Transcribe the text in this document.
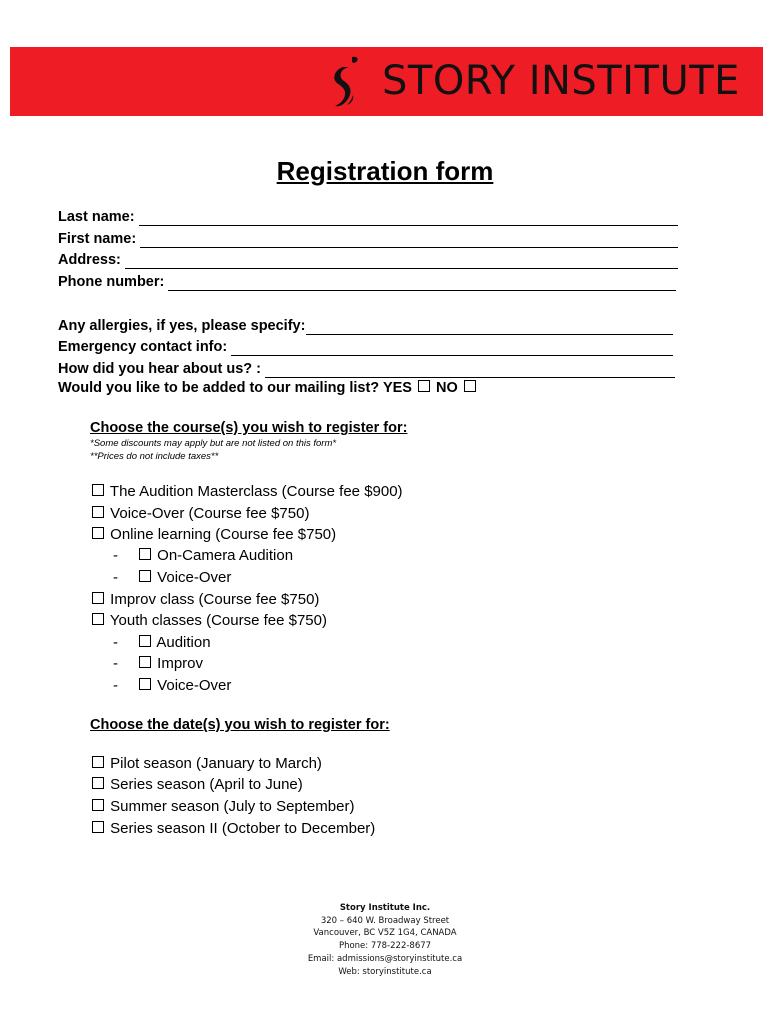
STORY INSTITUTE
Registration form
Last name:
First name:
Address:
Phone number:
Any allergies, if yes, please specify:
Emergency contact info:
How did you hear about us? :
Would you like to be added to our mailing list? YES NO
Choose the course(s) you wish to register for:
*Some discounts may apply but are not listed on this form*
**Prices do not include taxes**
The Audition Masterclass (Course fee $900)
Voice-Over (Course fee $750)
Online learning (Course fee $750)
-	On-Camera Audition
-	Voice-Over
Improv class (Course fee $750)
Youth classes (Course fee $750)
-	Audition
-	Improv
-	Voice-Over
Choose the date(s) you wish to register for:
Pilot season (January to March)
Series season (April to June)
Summer season (July to September)
Series season II (October to December)
Story Institute Inc.
320 – 640 W. Broadway Street
Vancouver, BC V5Z 1G4, CANADA
Phone: 778-222-8677
Email: admissions@storyinstitute.ca
Web: storyinstitute.ca
